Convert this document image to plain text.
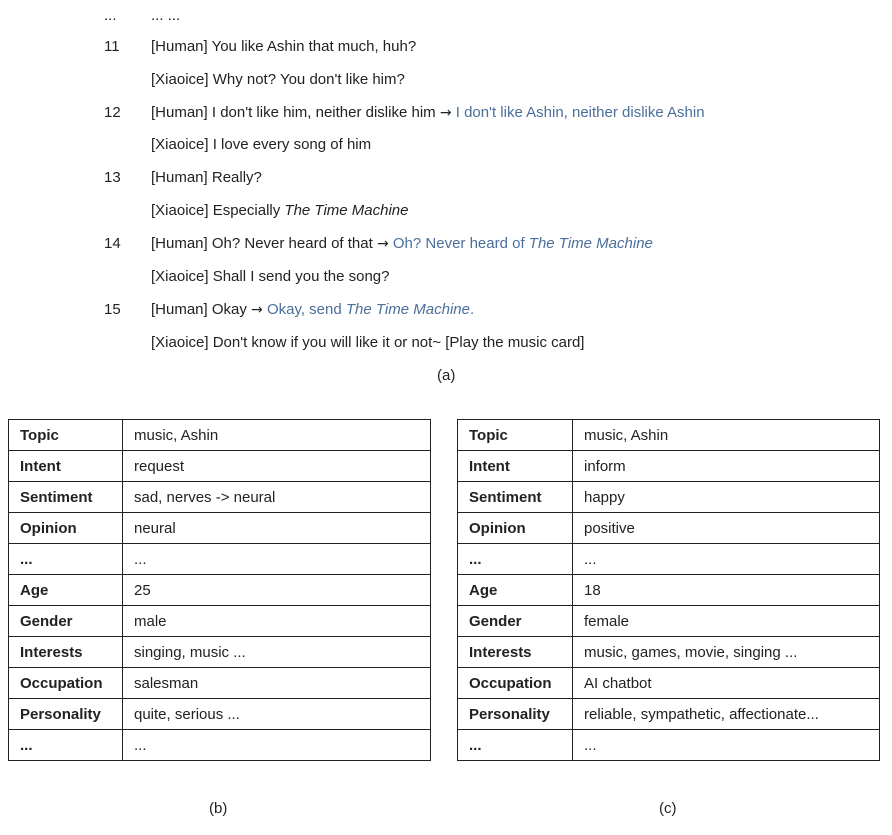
... ... ...
11 [Human] You like Ashin that much, huh?
[Xiaoice] Why not? You don't like him?
12 [Human] I don't like him, neither dislike him → I don't like Ashin, neither dislike Ashin
[Xiaoice] I love every song of him
13 [Human] Really?
[Xiaoice] Especially The Time Machine
14 [Human] Oh? Never heard of that → Oh? Never heard of The Time Machine
[Xiaoice] Shall I send you the song?
15 [Human] Okay → Okay, send The Time Machine.
[Xiaoice] Don't know if you will like it or not~ [Play the music card]
(a)
Topic	music, Ashin
Intent	request
Sentiment	sad, nerves -> neural
Opinion	neural
...	...
Age	25
Gender	male
Interests	singing, music ...
Occupation	salesman
Personality	quite, serious ...
...	...
Topic	music, Ashin
Intent	inform
Sentiment	happy
Opinion	positive
...	...
Age	18
Gender	female
Interests	music, games, movie, singing ...
Occupation	AI chatbot
Personality	reliable, sympathetic, affectionate...
...	...
(b)	(c)
